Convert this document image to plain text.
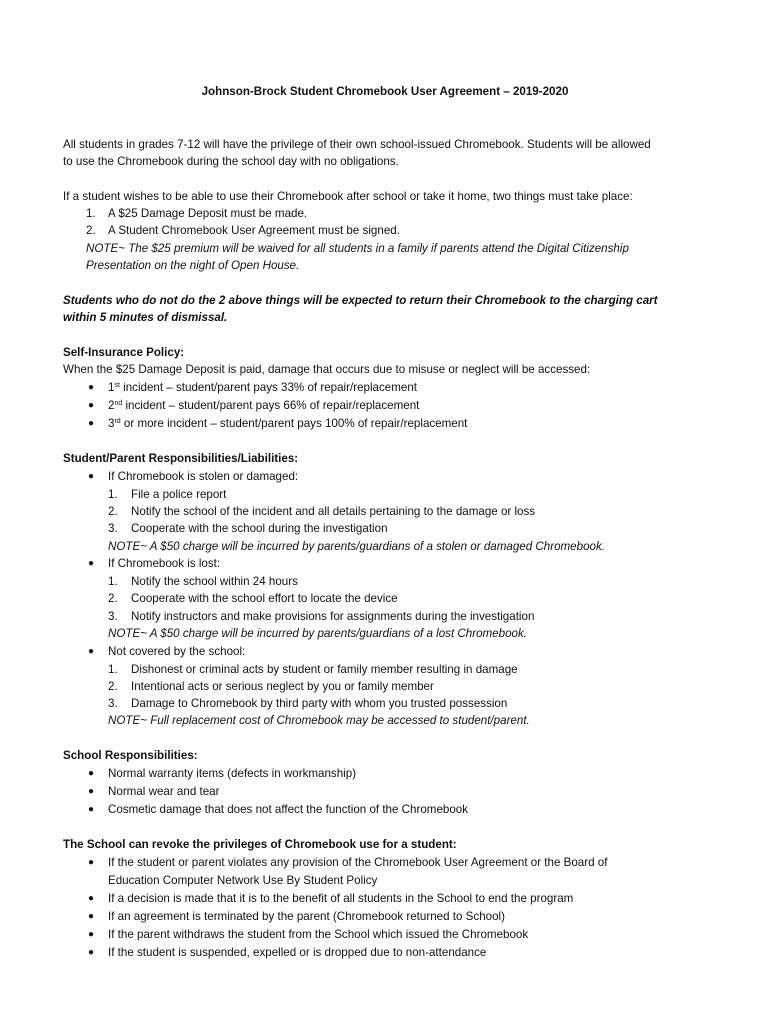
Johnson-Brock Student Chromebook User Agreement – 2019-2020
All students in grades 7-12 will have the privilege of their own school-issued Chromebook. Students will be allowed
to use the Chromebook during the school day with no obligations.
If a student wishes to be able to use their Chromebook after school or take it home, two things must take place:
1. A $25 Damage Deposit must be made.
2. A Student Chromebook User Agreement must be signed.
NOTE~ The $25 premium will be waived for all students in a family if parents attend the Digital Citizenship
Presentation on the night of Open House.
Students who do not do the 2 above things will be expected to return their Chromebook to the charging cart
within 5 minutes of dismissal.
Self-Insurance Policy:
When the $25 Damage Deposit is paid, damage that occurs due to misuse or neglect will be accessed:
● 1st incident – student/parent pays 33% of repair/replacement
● 2nd incident – student/parent pays 66% of repair/replacement
● 3rd or more incident – student/parent pays 100% of repair/replacement
Student/Parent Responsibilities/Liabilities:
● If Chromebook is stolen or damaged:
1. File a police report
2. Notify the school of the incident and all details pertaining to the damage or loss
3. Cooperate with the school during the investigation
NOTE~ A $50 charge will be incurred by parents/guardians of a stolen or damaged Chromebook.
● If Chromebook is lost:
1. Notify the school within 24 hours
2. Cooperate with the school effort to locate the device
3. Notify instructors and make provisions for assignments during the investigation
NOTE~ A $50 charge will be incurred by parents/guardians of a lost Chromebook.
● Not covered by the school:
1. Dishonest or criminal acts by student or family member resulting in damage
2. Intentional acts or serious neglect by you or family member
3. Damage to Chromebook by third party with whom you trusted possession
NOTE~ Full replacement cost of Chromebook may be accessed to student/parent.
School Responsibilities:
● Normal warranty items (defects in workmanship)
● Normal wear and tear
● Cosmetic damage that does not affect the function of the Chromebook
The School can revoke the privileges of Chromebook use for a student:
● If the student or parent violates any provision of the Chromebook User Agreement or the Board of
Education Computer Network Use By Student Policy
● If a decision is made that it is to the benefit of all students in the School to end the program
● If an agreement is terminated by the parent (Chromebook returned to School)
● If the parent withdraws the student from the School which issued the Chromebook
● If the student is suspended, expelled or is dropped due to non-attendance
